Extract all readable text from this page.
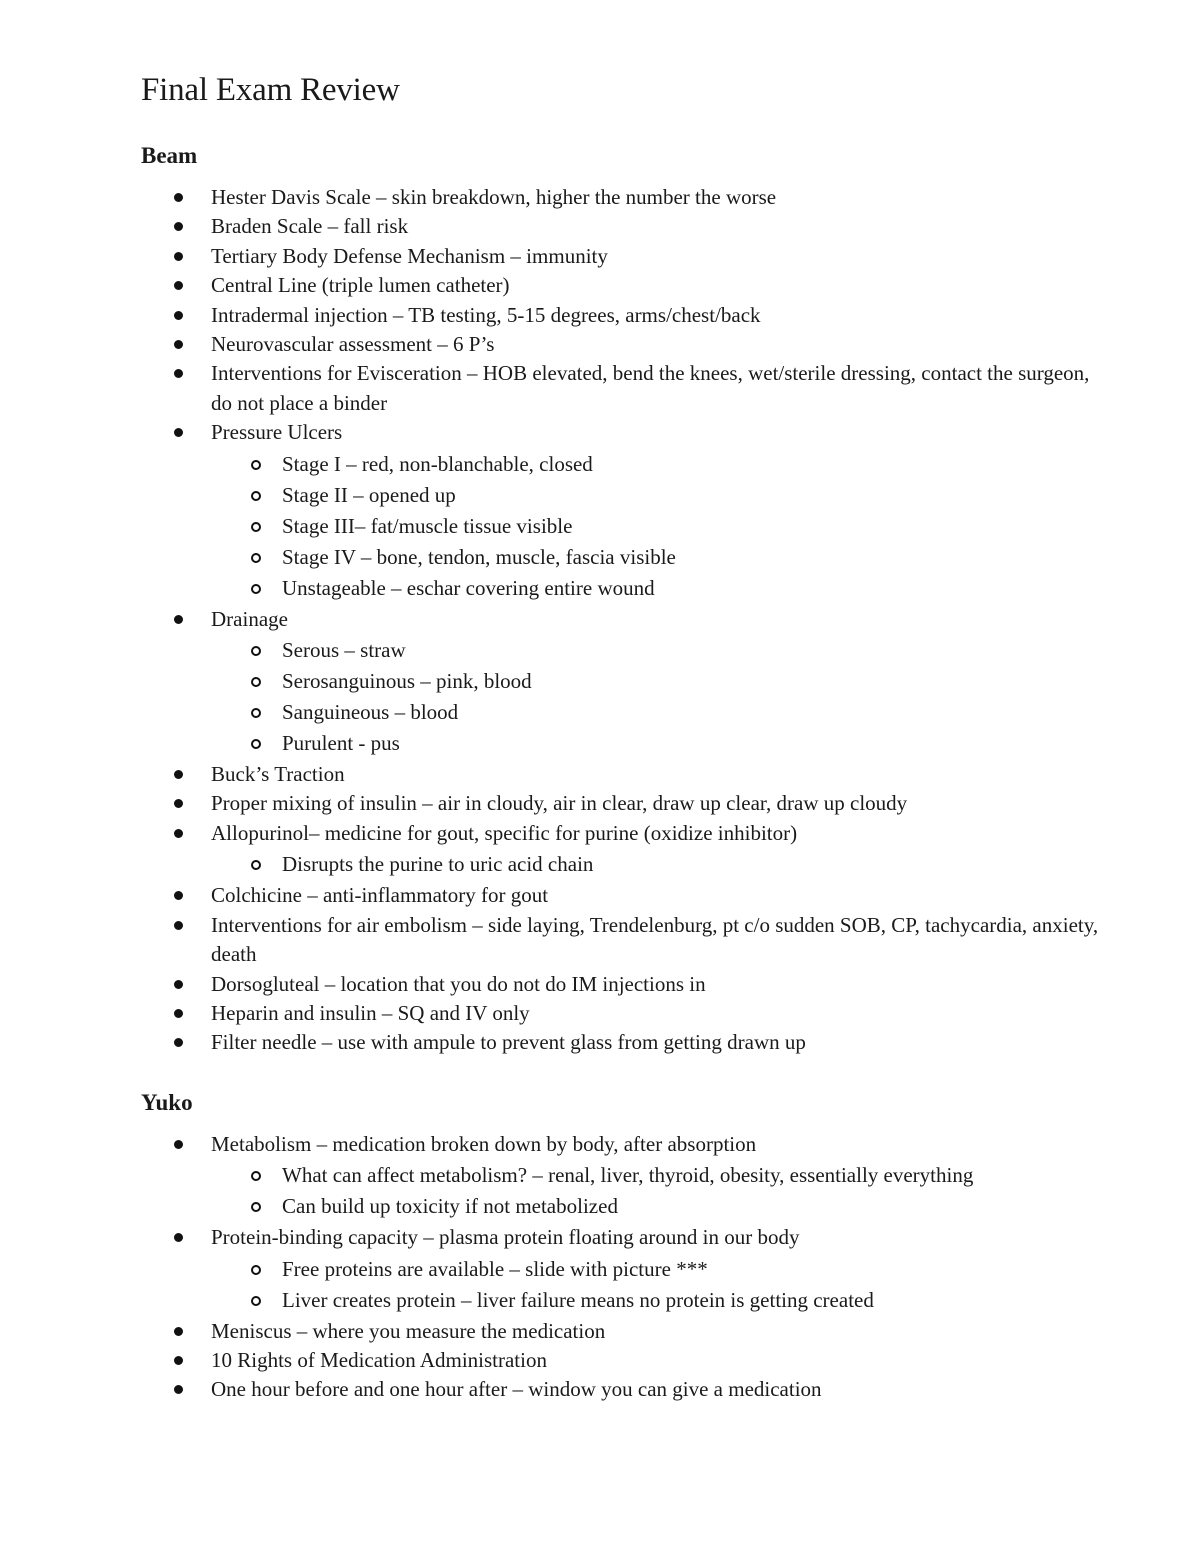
Final Exam Review
Beam
Hester Davis Scale – skin breakdown, higher the number the worse
Braden Scale – fall risk
Tertiary Body Defense Mechanism – immunity
Central Line (triple lumen catheter)
Intradermal injection – TB testing, 5-15 degrees, arms/chest/back
Neurovascular assessment – 6 P’s
Interventions for Evisceration – HOB elevated, bend the knees, wet/sterile dressing, contact the surgeon, do not place a binder
Pressure Ulcers
Stage I – red, non-blanchable, closed
Stage II – opened up
Stage III– fat/muscle tissue visible
Stage IV – bone, tendon, muscle, fascia visible
Unstageable – eschar covering entire wound
Drainage
Serous – straw
Serosanguinous – pink, blood
Sanguineous – blood
Purulent - pus
Buck’s Traction
Proper mixing of insulin – air in cloudy, air in clear, draw up clear, draw up cloudy
Allopurinol– medicine for gout, specific for purine (oxidize inhibitor)
Disrupts the purine to uric acid chain
Colchicine – anti-inflammatory for gout
Interventions for air embolism – side laying, Trendelenburg, pt c/o sudden SOB, CP, tachycardia, anxiety, death
Dorsogluteal – location that you do not do IM injections in
Heparin and insulin – SQ and IV only
Filter needle – use with ampule to prevent glass from getting drawn up
Yuko
Metabolism – medication broken down by body, after absorption
What can affect metabolism? – renal, liver, thyroid, obesity, essentially everything
Can build up toxicity if not metabolized
Protein-binding capacity – plasma protein floating around in our body
Free proteins are available – slide with picture ***
Liver creates protein – liver failure means no protein is getting created
Meniscus – where you measure the medication
10 Rights of Medication Administration
One hour before and one hour after – window you can give a medication
